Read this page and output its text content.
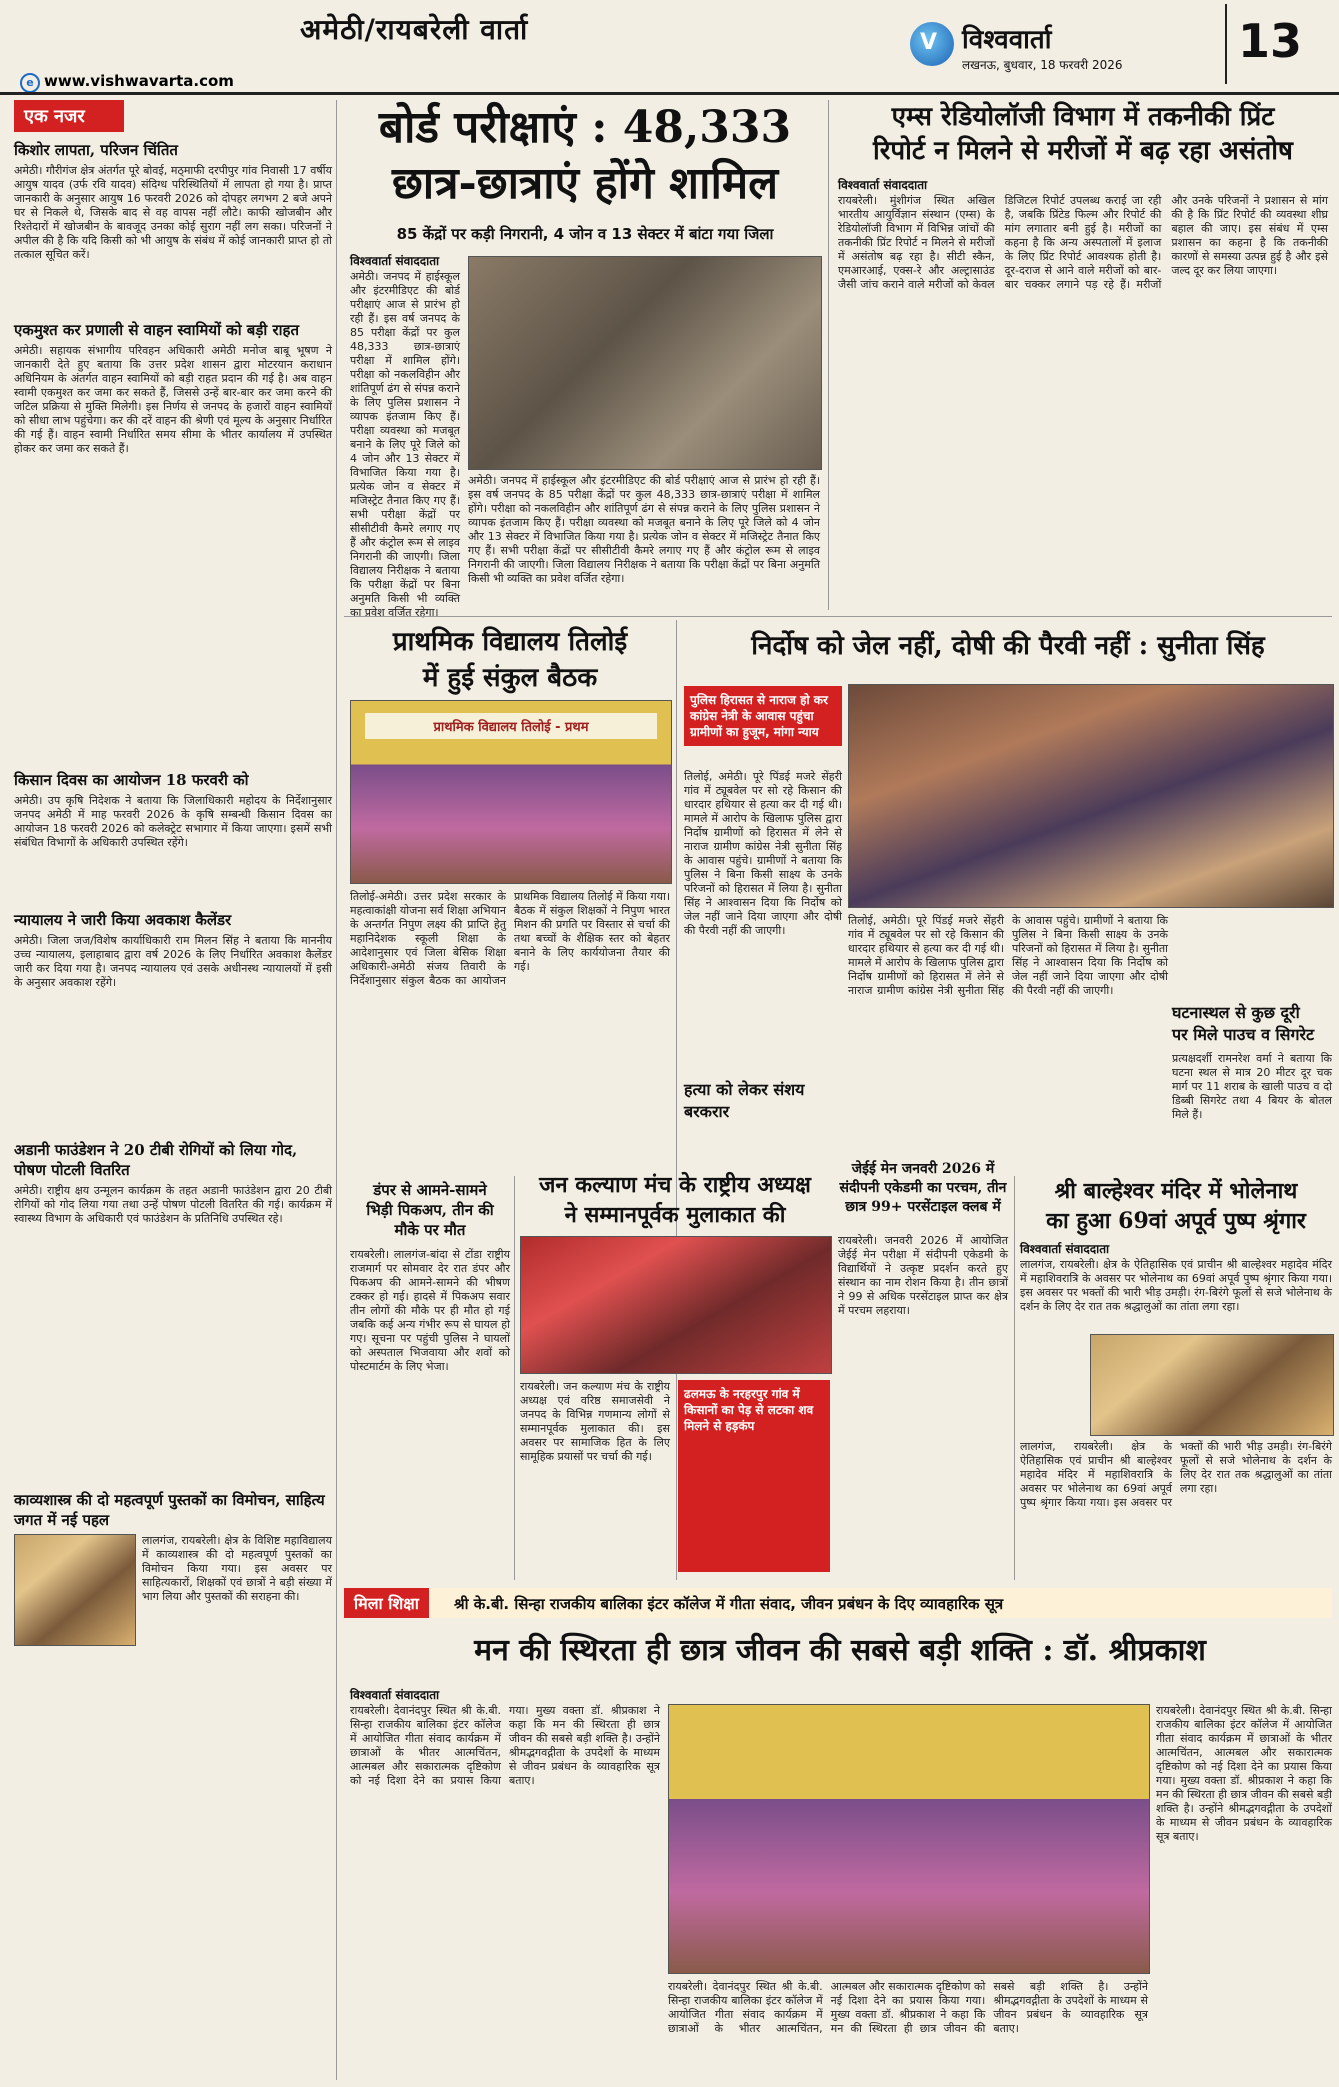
अमेठी/रायबरेली वार्ता
e www.vishwavarta.com
V विश्ववार्ता
लखनऊ, बुधवार, 18 फरवरी 2026	13
एक नजर
किशोर लापता, परिजन चिंतित
अमेठी। गौरीगंज क्षेत्र अंतर्गत पूरे बोवई, मठ्‌माफी दरपीपुर गांव निवासी 17 वर्षीय आयुष यादव (उर्फ रवि यादव) संदिग्ध परिस्थितियों में लापता हो गया है। प्राप्त जानकारी के अनुसार आयुष 16 फरवरी 2026 को दोपहर लगभग 2 बजे अपने घर से निकले थे, जिसके बाद से वह वापस नहीं लौटे। काफी खोजबीन और रिश्तेदारों में खोजबीन के बावजूद उनका कोई सुराग नहीं लग सका। परिजनों ने अपील की है कि यदि किसी को भी आयुष के संबंध में कोई जानकारी प्राप्त हो तो तत्काल सूचित करें।
एकमुश्त कर प्रणाली से वाहन स्वामियों को बड़ी राहत
अमेठी। सहायक संभागीय परिवहन अधिकारी अमेठी मनोज बाबू भूषण ने जानकारी देते हुए बताया कि उत्तर प्रदेश शासन द्वारा मोटरयान कराधान अधिनियम के अंतर्गत वाहन स्वामियों को बड़ी राहत प्रदान की गई है। अब वाहन स्वामी एकमुश्त कर जमा कर सकते हैं, जिससे उन्हें बार-बार कर जमा करने की जटिल प्रक्रिया से मुक्ति मिलेगी। इस निर्णय से जनपद के हजारों वाहन स्वामियों को सीधा लाभ पहुंचेगा। कर की दरें वाहन की श्रेणी एवं मूल्य के अनुसार निर्धारित की गई हैं। वाहन स्वामी निर्धारित समय सीमा के भीतर कार्यालय में उपस्थित होकर कर जमा कर सकते हैं।
किसान दिवस का आयोजन 18 फरवरी को
अमेठी। उप कृषि निदेशक ने बताया कि जिलाधिकारी महोदय के निर्देशानुसार जनपद अमेठी में माह फरवरी 2026 के कृषि सम्बन्धी किसान दिवस का आयोजन 18 फरवरी 2026 को कलेक्ट्रेट सभागार में किया जाएगा। इसमें सभी संबंधित विभागों के अधिकारी उपस्थित रहेंगे।
न्यायालय ने जारी किया अवकाश कैलेंडर
अमेठी। जिला जज/विशेष कार्याधिकारी राम मिलन सिंह ने बताया कि माननीय उच्च न्यायालय, इलाहाबाद द्वारा वर्ष 2026 के लिए निर्धारित अवकाश कैलेंडर जारी कर दिया गया है। जनपद न्यायालय एवं उसके अधीनस्थ न्यायालयों में इसी के अनुसार अवकाश रहेंगे।
अडानी फाउंडेशन ने 20 टीबी रोगियों को लिया गोद, पोषण पोटली वितरित
अमेठी। राष्ट्रीय क्षय उन्मूलन कार्यक्रम के तहत अडानी फाउंडेशन द्वारा 20 टीबी रोगियों को गोद लिया गया तथा उन्हें पोषण पोटली वितरित की गई। कार्यक्रम में स्वास्थ्य विभाग के अधिकारी एवं फाउंडेशन के प्रतिनिधि उपस्थित रहे।
काव्यशास्त्र की दो महत्वपूर्ण पुस्तकों का विमोचन, साहित्य जगत में नई पहल
लालगंज, रायबरेली। क्षेत्र के विशिष्ट महाविद्यालय में काव्यशास्त्र की दो महत्वपूर्ण पुस्तकों का विमोचन किया गया। इस अवसर पर साहित्यकारों, शिक्षकों एवं छात्रों ने बड़ी संख्या में भाग लिया और पुस्तकों की सराहना की।
बोर्ड परीक्षाएं : 48,333
छात्र-छात्राएं होंगे शामिल
85 केंद्रों पर कड़ी निगरानी, 4 जोन व 13 सेक्टर में बांटा गया जिला
विश्ववार्ता संवाददाता
अमेठी। जनपद में हाईस्कूल और इंटरमीडिएट की बोर्ड परीक्षाएं आज से प्रारंभ हो रही हैं। इस वर्ष जनपद के 85 परीक्षा केंद्रों पर कुल 48,333 छात्र-छात्राएं परीक्षा में शामिल होंगे। परीक्षा को नकलविहीन और शांतिपूर्ण ढंग से संपन्न कराने के लिए पुलिस प्रशासन ने व्यापक इंतजाम किए हैं। परीक्षा व्यवस्था को मजबूत बनाने के लिए पूरे जिले को 4 जोन और 13 सेक्टर में विभाजित किया गया है। प्रत्येक जोन व सेक्टर में मजिस्ट्रेट तैनात किए गए हैं। सभी परीक्षा केंद्रों पर सीसीटीवी कैमरे लगाए गए हैं और कंट्रोल रूम से लाइव निगरानी की जाएगी। जिला विद्यालय निरीक्षक ने बताया कि परीक्षा केंद्रों पर बिना अनुमति किसी भी व्यक्ति का प्रवेश वर्जित रहेगा।
अमेठी। जनपद में हाईस्कूल और इंटरमीडिएट की बोर्ड परीक्षाएं आज से प्रारंभ हो रही हैं। इस वर्ष जनपद के 85 परीक्षा केंद्रों पर कुल 48,333 छात्र-छात्राएं परीक्षा में शामिल होंगे। परीक्षा को नकलविहीन और शांतिपूर्ण ढंग से संपन्न कराने के लिए पुलिस प्रशासन ने व्यापक इंतजाम किए हैं। परीक्षा व्यवस्था को मजबूत बनाने के लिए पूरे जिले को 4 जोन और 13 सेक्टर में विभाजित किया गया है। प्रत्येक जोन व सेक्टर में मजिस्ट्रेट तैनात किए गए हैं। सभी परीक्षा केंद्रों पर सीसीटीवी कैमरे लगाए गए हैं और कंट्रोल रूम से लाइव निगरानी की जाएगी। जिला विद्यालय निरीक्षक ने बताया कि परीक्षा केंद्रों पर बिना अनुमति किसी भी व्यक्ति का प्रवेश वर्जित रहेगा।
एम्स रेडियोलॉजी विभाग में तकनीकी प्रिंट
रिपोर्ट न मिलने से मरीजों में बढ़ रहा असंतोष
विश्ववार्ता संवाददाता
रायबरेली। मुंशीगंज स्थित अखिल भारतीय आयुर्विज्ञान संस्थान (एम्स) के रेडियोलॉजी विभाग में विभिन्न जांचों की तकनीकी प्रिंट रिपोर्ट न मिलने से मरीजों में असंतोष बढ़ रहा है। सीटी स्कैन, एमआरआई, एक्स-रे और अल्ट्रासाउंड जैसी जांच कराने वाले मरीजों को केवल डिजिटल रिपोर्ट उपलब्ध कराई जा रही है, जबकि प्रिंटेड फिल्म और रिपोर्ट की मांग लगातार बनी हुई है। मरीजों का कहना है कि अन्य अस्पतालों में इलाज के लिए प्रिंट रिपोर्ट आवश्यक होती है। दूर-दराज से आने वाले मरीजों को बार-बार चक्कर लगाने पड़ रहे हैं। मरीजों और उनके परिजनों ने प्रशासन से मांग की है कि प्रिंट रिपोर्ट की व्यवस्था शीघ्र बहाल की जाए। इस संबंध में एम्स प्रशासन का कहना है कि तकनीकी कारणों से समस्या उत्पन्न हुई है और इसे जल्द दूर कर लिया जाएगा।
प्राथमिक विद्यालय तिलोई
में हुई संकुल बैठक
प्राथमिक विद्यालय तिलोई - प्रथम
तिलोई-अमेठी। उत्तर प्रदेश सरकार के महत्वाकांक्षी योजना सर्व शिक्षा अभियान के अन्तर्गत निपुण लक्ष्य की प्राप्ति हेतु महानिदेशक स्कूली शिक्षा के आदेशानुसार एवं जिला बेसिक शिक्षा अधिकारी-अमेठी संजय तिवारी के निर्देशानुसार संकुल बैठक का आयोजन प्राथमिक विद्यालय तिलोई में किया गया। बैठक में संकुल शिक्षकों ने निपुण भारत मिशन की प्रगति पर विस्तार से चर्चा की तथा बच्चों के शैक्षिक स्तर को बेहतर बनाने के लिए कार्ययोजना तैयार की गई।
निर्दोष को जेल नहीं, दोषी की पैरवी नहीं : सुनीता सिंह
पुलिस हिरासत से नाराज हो कर कांग्रेस नेत्री के आवास पहुंचा ग्रामीणों का हुजूम, मांगा न्याय
तिलोई, अमेठी। पूरे पिंडई मजरे सेंहरी गांव में ट्यूबवेल पर सो रहे किसान की धारदार हथियार से हत्या कर दी गई थी। मामले में आरोप के खिलाफ पुलिस द्वारा निर्दोष ग्रामीणों को हिरासत में लेने से नाराज ग्रामीण कांग्रेस नेत्री सुनीता सिंह के आवास पहुंचे। ग्रामीणों ने बताया कि पुलिस ने बिना किसी साक्ष्य के उनके परिजनों को हिरासत में लिया है। सुनीता सिंह ने आश्वासन दिया कि निर्दोष को जेल नहीं जाने दिया जाएगा और दोषी की पैरवी नहीं की जाएगी।
तिलोई, अमेठी। पूरे पिंडई मजरे सेंहरी गांव में ट्यूबवेल पर सो रहे किसान की धारदार हथियार से हत्या कर दी गई थी। मामले में आरोप के खिलाफ पुलिस द्वारा निर्दोष ग्रामीणों को हिरासत में लेने से नाराज ग्रामीण कांग्रेस नेत्री सुनीता सिंह के आवास पहुंचे। ग्रामीणों ने बताया कि पुलिस ने बिना किसी साक्ष्य के उनके परिजनों को हिरासत में लिया है। सुनीता सिंह ने आश्वासन दिया कि निर्दोष को जेल नहीं जाने दिया जाएगा और दोषी की पैरवी नहीं की जाएगी।
हत्या को लेकर संशय बरकरार
घटनास्थल से कुछ दूरी
पर मिले पाउच व सिगरेट
प्रत्यक्षदर्शी रामनरेश वर्मा ने बताया कि घटना स्थल से मात्र 20 मीटर दूर चक मार्ग पर 11 शराब के खाली पाउच व दो डिब्बी सिगरेट तथा 4 बियर के बोतल मिले हैं।
डंपर से आमने-सामने
भिड़ी पिकअप, तीन की
मौके पर मौत
रायबरेली। लालगंज-बांदा से टोंडा राष्ट्रीय राजमार्ग पर सोमवार देर रात डंपर और पिकअप की आमने-सामने की भीषण टक्कर हो गई। हादसे में पिकअप सवार तीन लोगों की मौके पर ही मौत हो गई जबकि कई अन्य गंभीर रूप से घायल हो गए। सूचना पर पहुंची पुलिस ने घायलों को अस्पताल भिजवाया और शवों को पोस्टमार्टम के लिए भेजा।
जन कल्याण मंच के राष्ट्रीय अध्यक्ष
ने सम्मानपूर्वक मुलाकात की
रायबरेली। जन कल्याण मंच के राष्ट्रीय अध्यक्ष एवं वरिष्ठ समाजसेवी ने जनपद के विभिन्न गणमान्य लोगों से सम्मानपूर्वक मुलाकात की। इस अवसर पर सामाजिक हित के लिए सामूहिक प्रयासों पर चर्चा की गई।
ढलमऊ के नरहरपुर गांव में किसानों का पेड़ से लटका शव मिलने से हड़कंप
जेईई मेन जनवरी 2026 में संदीपनी एकेडमी का परचम, तीन छात्र 99+ परसेंटाइल क्लब में
रायबरेली। जनवरी 2026 में आयोजित जेईई मेन परीक्षा में संदीपनी एकेडमी के विद्यार्थियों ने उत्कृष्ट प्रदर्शन करते हुए संस्थान का नाम रोशन किया है। तीन छात्रों ने 99 से अधिक परसेंटाइल प्राप्त कर क्षेत्र में परचम लहराया।
श्री बाल्हेश्वर मंदिर में भोलेनाथ
का हुआ 69वां अपूर्व पुष्प श्रृंगार
विश्ववार्ता संवाददाता
लालगंज, रायबरेली। क्षेत्र के ऐतिहासिक एवं प्राचीन श्री बाल्हेश्वर महादेव मंदिर में महाशिवरात्रि के अवसर पर भोलेनाथ का 69वां अपूर्व पुष्प श्रृंगार किया गया। इस अवसर पर भक्तों की भारी भीड़ उमड़ी। रंग-बिरंगे फूलों से सजे भोलेनाथ के दर्शन के लिए देर रात तक श्रद्धालुओं का तांता लगा रहा।
लालगंज, रायबरेली। क्षेत्र के ऐतिहासिक एवं प्राचीन श्री बाल्हेश्वर महादेव मंदिर में महाशिवरात्रि के अवसर पर भोलेनाथ का 69वां अपूर्व पुष्प श्रृंगार किया गया। इस अवसर पर भक्तों की भारी भीड़ उमड़ी। रंग-बिरंगे फूलों से सजे भोलेनाथ के दर्शन के लिए देर रात तक श्रद्धालुओं का तांता लगा रहा।
मिला शिक्षा	श्री के.बी. सिन्हा राजकीय बालिका इंटर कॉलेज में गीता संवाद, जीवन प्रबंधन के दिए व्यावहारिक सूत्र
मन की स्थिरता ही छात्र जीवन की सबसे बड़ी शक्ति : डॉ. श्रीप्रकाश
विश्ववार्ता संवाददाता
रायबरेली। देवानंदपुर स्थित श्री के.बी. सिन्हा राजकीय बालिका इंटर कॉलेज में आयोजित गीता संवाद कार्यक्रम में छात्राओं के भीतर आत्मचिंतन, आत्मबल और सकारात्मक दृष्टिकोण को नई दिशा देने का प्रयास किया गया। मुख्य वक्ता डॉ. श्रीप्रकाश ने कहा कि मन की स्थिरता ही छात्र जीवन की सबसे बड़ी शक्ति है। उन्होंने श्रीमद्भगवद्गीता के उपदेशों के माध्यम से जीवन प्रबंधन के व्यावहारिक सूत्र बताए।
रायबरेली। देवानंदपुर स्थित श्री के.बी. सिन्हा राजकीय बालिका इंटर कॉलेज में आयोजित गीता संवाद कार्यक्रम में छात्राओं के भीतर आत्मचिंतन, आत्मबल और सकारात्मक दृष्टिकोण को नई दिशा देने का प्रयास किया गया। मुख्य वक्ता डॉ. श्रीप्रकाश ने कहा कि मन की स्थिरता ही छात्र जीवन की सबसे बड़ी शक्ति है। उन्होंने श्रीमद्भगवद्गीता के उपदेशों के माध्यम से जीवन प्रबंधन के व्यावहारिक सूत्र बताए।
रायबरेली। देवानंदपुर स्थित श्री के.बी. सिन्हा राजकीय बालिका इंटर कॉलेज में आयोजित गीता संवाद कार्यक्रम में छात्राओं के भीतर आत्मचिंतन, आत्मबल और सकारात्मक दृष्टिकोण को नई दिशा देने का प्रयास किया गया। मुख्य वक्ता डॉ. श्रीप्रकाश ने कहा कि मन की स्थिरता ही छात्र जीवन की सबसे बड़ी शक्ति है। उन्होंने श्रीमद्भगवद्गीता के उपदेशों के माध्यम से जीवन प्रबंधन के व्यावहारिक सूत्र बताए।
